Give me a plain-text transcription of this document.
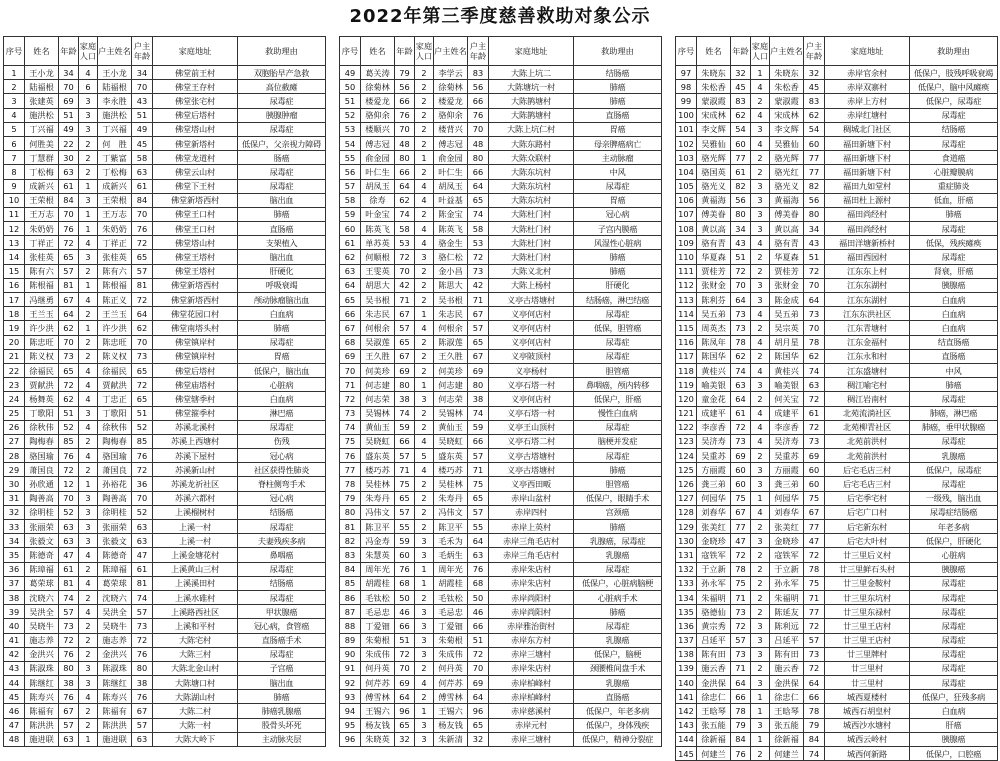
2022年第三季度慈善救助对象公示
序号	姓名	年龄	家庭人口	户主姓名	户主年龄	家庭地址	救助理由
1	王小龙	34	4	王小龙	34	佛堂前王村	双胞胎早产急救
2	陆福根	70	6	陆福根	70	佛堂王存村	高位截瘫
3	张建英	69	3	李永胜	43	佛堂张宅村	尿毒症
4	施洪松	51	3	施洪松	51	佛堂后塔村	胰腺肿瘤
5	丁兴福	49	3	丁兴福	49	佛堂塔山村	尿毒症
6	何胜美	22	2	何　胜	45	佛堂新塔村	低保户，父亲视力障碍
7	丁慧群	30	2	丁紫富	58	佛堂龙道村	肠癌
8	丁松梅	63	2	丁松梅	63	佛堂云山村	尿毒症
9	成新兴	61	1	成新兴	61	佛堂下王村	尿毒症
10	王荣根	84	3	王荣根	84	佛堂新塔西村	脑出血
11	王万志	70	1	王万志	70	佛堂王口村	肺癌
12	朱奶奶	76	1	朱奶奶	76	佛堂王口村	直肠癌
13	丁祥正	72	4	丁祥正	72	佛堂塔山村	支架植入
14	张桂英	65	3	张桂英	65	佛堂王塔村	脑出血
15	陈有六	57	2	陈有六	57	佛堂王塔村	肝硬化
16	陈根福	81	1	陈根福	81	佛堂新塔西村	呼吸衰竭
17	冯继勇	67	4	陈正义	72	佛堂新塔西村	颅动脉瘤脑出血
18	王兰玉	64	2	王兰玉	64	佛堂花园口村	白血病
19	许少洪	62	1	许少洪	62	佛堂南塔头村	肺癌
20	陈忠旺	70	2	陈忠旺	70	佛堂镇岸村	尿毒症
21	陈义权	73	2	陈义权	73	佛堂镇岸村	胃癌
22	徐福民	65	4	徐福民	65	佛堂后塔村	低保户，脑出血
23	贾献洪	72	4	贾献洪	72	佛堂庙塔村	心脏病
24	杨舞英	62	4	丁忠正	65	佛堂辖季村	白血病
25	丁歌阳	51	3	丁歌阳	51	佛堂箍季村	淋巴癌
26	徐秋伟	52	4	徐秋伟	52	苏溪北溪村	尿毒症
27	陶梅春	85	2	陶梅春	85	苏溪上西塘村	伤残
28	骆国瑜	76	4	骆国瑜	76	苏溪下屋村	冠心病
29	萧国良	72	2	萧国良	72	苏溪新山村	社区获得性肺炎
30	孙欣通	12	1	孙裕花	36	苏溪龙祈社区	脊柱侧弯手术
31	陶善高	70	3	陶善高	70	苏溪六都村	冠心病
32	徐明桂	52	3	徐明桂	52	上溪榴树村	结肠癌
33	张丽荣	63	3	张丽荣	63	上溪一村	尿毒症
34	张毅文	63	3	张毅文	63	上溪一村	夫妻残疾多病
35	陈德奇	47	4	陈德奇	47	上溪金塘花村	鼻咽癌
36	陈璋福	61	2	陈璋福	61	上溪黄山三村	尿毒症
37	葛荣球	81	4	葛荣球	81	上溪溪田村	结肠癌
38	沈晓六	74	2	沈晓六	74	上溪水碓村	尿毒症
39	吴洪全	57	4	吴洪全	57	上溪路西社区	甲状腺癌
40	吴晓牛	73	2	吴晓牛	73	上溪和平村	冠心病，食管癌
41	施志养	72	2	施志养	72	大陈宅村	直肠癌手术
42	金洪兴	76	2	金洪兴	76	大陈三村	尿毒症
43	陈淑珠	80	3	陈淑珠	80	大陈北金山村	子宫癌
44	陈继红	38	3	陈继红	38	大陈塘口村	脑出血
45	陈寿兴	76	4	陈寿兴	76	大陈湖山村	肺癌
46	陈福有	67	2	陈福有	67	大陈二村	肺癌乳腺癌
47	陈洪洪	57	2	陈洪洪	57	大陈一村	股骨头坏死
48	施进联	63	1	施进联	63	大陈大岭下	主动脉夹层
序号	姓名	年龄	家庭人口	户主姓名	户主年龄	家庭地址	救助理由
49	葛关涛	79	2	李学云	83	大陈上坑二	结肠癌
50	徐菊林	56	2	徐菊林	56	大陈塘坑一村	肺癌
51	楼爱龙	66	2	楼爱龙	66	大陈鹊塘村	肺癌
52	骆仰余	76	2	骆仰余	76	大陈鹊塘村	直肠癌
53	楼顺兴	70	2	楼背兴	70	大陈上坑仁村	胃癌
54	傅志冠	48	2	傅志冠	48	大陈东路村	母亲脾癌病亡
55	俞金园	80	1	俞金园	80	大陈众联村	主动脉瘤
56	叶仁生	66	2	叶仁生	66	大陈东坑村	中风
57	胡凤玉	64	4	胡凤玉	64	大陈东坑村	尿毒症
58	徐寿	62	4	叶益基	65	大陈东坑村	胃癌
59	叶金宝	74	2	陈金宝	74	大陈杜门村	冠心病
60	陈英飞	58	4	陈英飞	58	大陈杜门村	子宫内膜癌
61	单苏英	53	4	骆金生	53	大陈杜门村	风湿性心脏病
62	何顺根	72	3	骆仁松	72	大陈杜门村	肺癌
63	王雯英	70	2	金小昌	73	大陈义北村	肺癌
64	胡思大	42	2	陈思大	42	大陈上杨村	肝硬化
65	吴书根	71	2	吴书根	71	义亭古塔塘村	结肠癌，淋巴结癌
66	朱志民	67	1	朱志民	67	义亭何店村	尿毒症
67	何根余	57	4	何根余	57	义亭何店村	低保，胆管癌
68	吴淑莲	65	2	陈淑莲	65	义亭何店村	尿毒症
69	王久胜	67	2	王久胜	67	义亭陂顶村	尿毒症
70	何美珍	69	2	何美珍	69	义亭杨村	胆管癌
71	何志建	80	1	何志建	80	义亭石塔一村	鼻咽癌，颅内转移
72	何志荣	38	3	何志荣	38	义亭何店村	低保户，肝癌
73	吴锡林	74	2	吴锡林	74	义亭石塔一村	慢性白血病
74	黄仙玉	59	2	黄仙玉	59	义亭王山顶村	尿毒症
75	吴晓虹	66	4	吴晓虹	66	义亭石塔二村	脑梗并发症
76	盛东英	57	5	盛东英	57	义亭古塔塘村	尿毒症
77	楼巧苏	71	4	楼巧苏	71	义亭古塔塘村	肺癌
78	吴桂林	75	2	吴桂林	75	义亭西田畈	胆管癌
79	朱寿丹	65	2	朱寿丹	65	赤岸山盆村	低保户，眼睛手术
80	冯伟文	57	2	冯伟文	57	赤岸四村	宫颈癌
81	陈卫平	55	2	陈卫平	55	赤岸上英村	肺癌
82	冯金寿	59	3	毛禾为	64	赤岸三角毛店村	乳腺癌，尿毒症
83	朱慧英	60	3	毛炳生	63	赤岸三角毛店村	乳腺癌
84	周年光	76	1	周年光	76	赤岸朱店村	尿毒症
85	胡霞桂	68	1	胡霞桂	68	赤岸朱店村	低保户，心脏病脑梗
86	毛钛松	50	2	毛钛松	50	赤岸尚阳村	心脏病手术
87	毛忌忠	46	3	毛忌忠	46	赤岸尚阳村	肺癌
88	丁爱钿	66	3	丁爱钿	66	赤岸雅治街村	尿毒症
89	朱菊根	51	3	朱菊根	51	赤岸东方村	乳腺癌
90	朱成伟	72	3	朱成伟	72	赤岸三塘村	低保户，脑梗
91	何丹英	70	2	何丹英	70	赤岸朱店村	颈腰椎间盘手术
92	何芹苏	69	4	何芹苏	69	赤岸柏峰村	乳腺癌
93	傅雪林	64	2	傅雪林	64	赤岸柏峰村	直肠癌
94	王锡六	96	1	王锡六	96	赤岸慈溪村	低保户，年老多病
95	杨友钱	65	3	杨友钱	65	赤岸元村	低保户，身体残疾
96	朱晓英	32	3	朱新清	32	赤岸三塘村	低保户，精神分裂症
序号	姓名	年龄	家庭人口	户主姓名	户主年龄	家庭地址	救助理由
97	朱晓东	32	1	朱晓东	32	赤岸官余村	低保户，肢残呼吸衰竭
98	朱松香	45	4	朱松香	45	赤岸双寨村	低保户，脑中风瘫痪
99	蒙淑霞	83	2	蒙淑霞	83	赤岸上方村	低保户，尿毒症
100	宋成林	62	4	宋成林	62	赤岸红塘村	尿毒症
101	李文辉	54	3	李文辉	54	稠城北门社区	结肠癌
102	吴雅仙	60	4	吴雅仙	60	福田新塘下村	尿毒症
103	骆光辉	77	2	骆光辉	77	福田新塘下村	食道癌
104	骆国英	61	2	骆光红	77	福田新塘下村	心脏瓣膜病
105	骆光义	82	3	骆光义	82	福田九如堂村	重症肺炎
106	黄福海	56	3	黄福海	56	福田杜上源村	低血，肝癌
107	傅美眷	80	3	傅美眷	80	福田尚经村	肺癌
108	黄以高	34	3	黄以高	34	福田尚经村	尿毒症
109	骆有青	43	4	骆有青	43	福田洋塘新桥村	低保，残疾瘫痪
110	华夏森	51	2	华夏森	51	福田西园村	尿毒症
111	贾桂芳	72	2	贾桂芳	72	江东东上村	肾衰，肝癌
112	张财金	70	3	张财金	70	江东东湖村	胰腺癌
113	陈利芬	64	3	陈金成	64	江东东湖村	白血病
114	吴五弟	73	4	吴五弟	73	江东东洪社区	白血病
115	周英杰	73	2	吴宗英	70	江东青塘村	白血病
116	陈凤年	78	4	胡月星	78	江东金福村	结直肠癌
117	陈国华	62	2	陈国华	62	江东永和村	直肠癌
118	黄桂兴	74	4	黄桂兴	74	江东盛塘村	中风
119	喻美银	63	3	喻美银	63	稠江喻宅村	肺癌
120	童金花	64	2	何关宝	72	稠江岩南村	尿毒症
121	成建平	61	4	成建平	61	北苑流淌社区	肺癌，淋巴癌
122	李彦香	72	4	李彦香	72	北苑柳青社区	肺癌，垂甲状腺癌
123	吴济寿	73	4	吴济寿	73	北苑前洪村	尿毒症
124	吴重苏	69	2	吴重苏	69	北苑前洪村	乳腺癌
125	方丽霞	60	3	方丽霞	60	后宅毛店三村	低保户，尿毒症
126	龚三弟	60	3	龚三弟	60	后宅毛店三村	尿毒症
127	何园华	75	1	何园华	75	后宅季宅村	一级残，脑出血
128	刘春华	67	4	刘春华	67	后宅广口村	尿毒症结肠癌
129	张美红	77	2	张美红	77	后宅新东村	年老多病
130	金晓珍	47	3	金晓珍	47	后宅大叶村	低保户，肝硬化
131	寇铁军	72	2	寇铁军	72	廿三里后义村	心脏病
132	于立新	78	2	于立新	78	廿三里鲜石头村	胰腺癌
133	孙永军	75	2	孙永军	75	廿三里金鞍村	尿毒症
134	朱福明	71	2	朱福明	71	廿三里东坑村	尿毒症
135	骆德仙	73	2	陈延友	77	廿三里东禄村	尿毒症
136	黄宗秀	72	3	陈利远	72	廿三里王店村	尿毒症
137	吕延平	57	3	吕延平	57	廿三里王店村	尿毒症
138	陈有田	73	3	陈有田	73	廿三里牌村	尿毒症
139	施云香	71	2	施云香	72	廿三里村	尿毒症
140	金洪保	64	3	金洪保	64	廿三里村	尿毒症
141	徐忠仁	66	1	徐忠仁	66	城西夏楼村	低保户，狂残多病
142	王晗琴	78	1	王晗琴	78	城西石胡皇村	白血病
143	张五能	79	3	张五能	79	城西沙水塘村	肝癌
144	徐新福	84	1	徐新福	84	城西云岭村	胰腺癌
145	何建兰	76	2	何建兰	74	城西何新路	低保户，口腔癌
